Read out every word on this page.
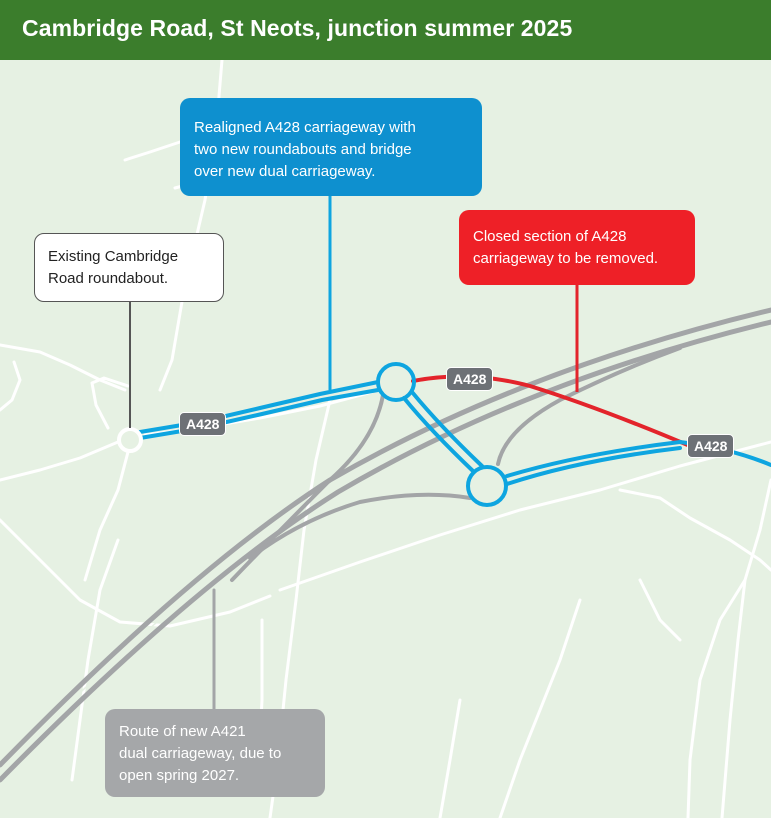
Cambridge Road, St Neots, junction summer 2025

Realigned A428 carriageway with

two new roundabouts and bridge

over new dual carriageway.

Closed section of A428

carriageway to be removed.

Existing Cambridge

Road roundabout.

Route of new A421

dual carriageway, due to

open spring 2027.

A428
A428
A428
